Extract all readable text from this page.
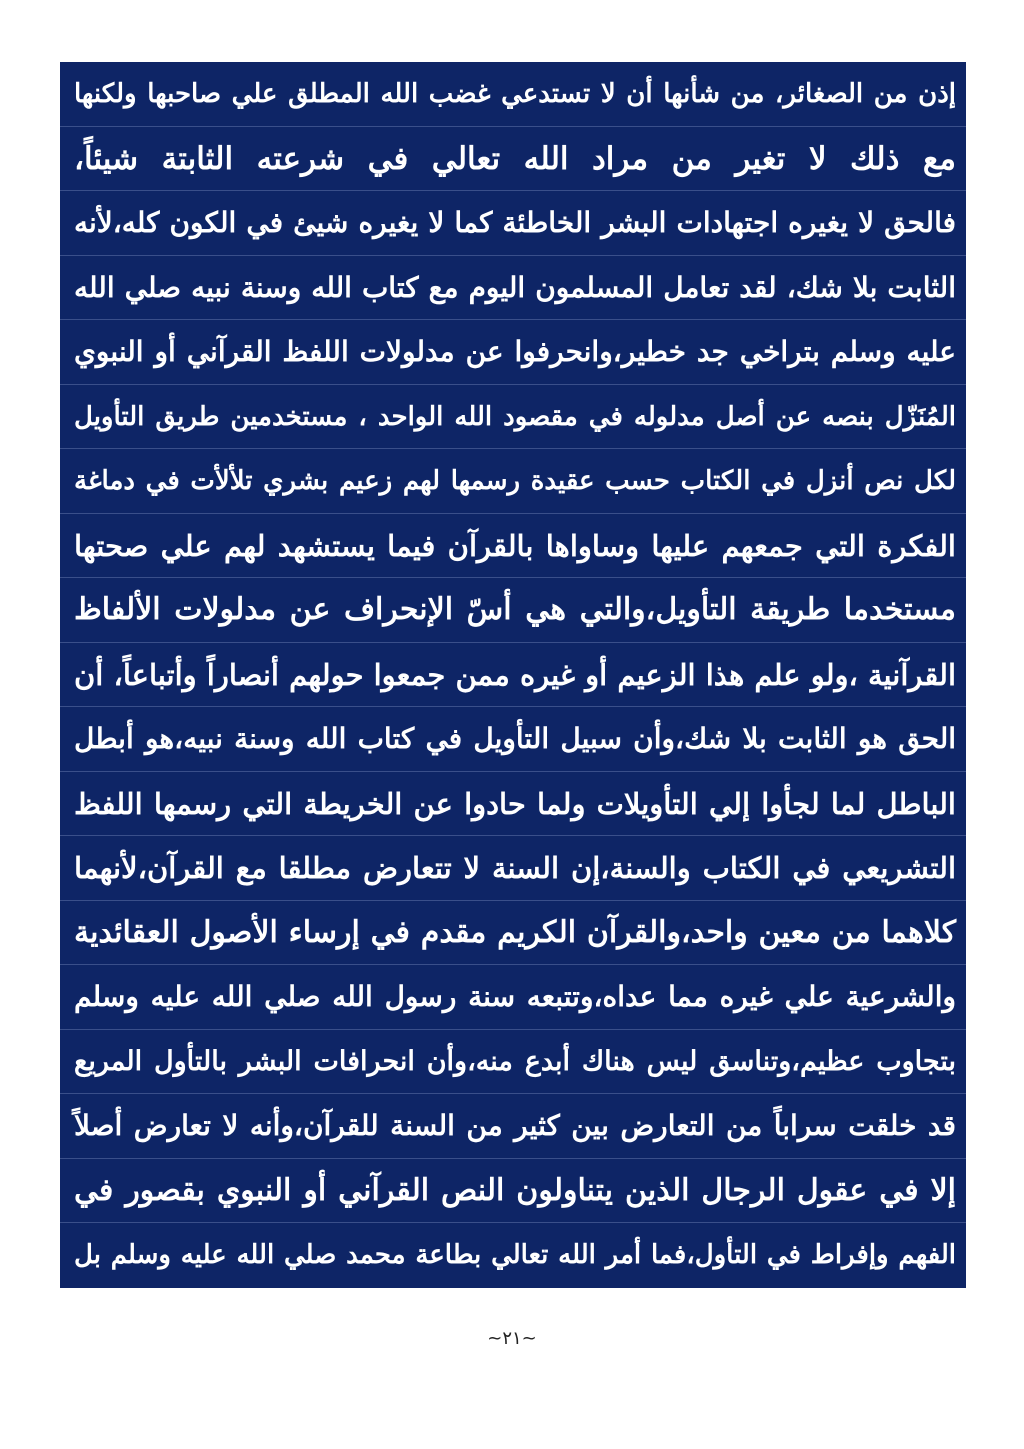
إذن من الصغائر، من شأنها أن لا تستدعي غضب الله المطلق علي صاحبها ولكنها
مع ذلك لا تغير من مراد الله تعالي في شرعته الثابتة شيئاً،
فالحق لا يغيره اجتهادات البشر الخاطئة كما لا يغيره شيئ في الكون كله،لأنه
الثابت بلا شك، لقد تعامل المسلمون اليوم مع كتاب الله وسنة نبيه صلي الله
عليه وسلم بتراخي جد خطير،وانحرفوا عن مدلولات اللفظ القرآني أو النبوي
المُنَزّل بنصه عن أصل مدلوله في مقصود الله الواحد ، مستخدمين طريق التأويل
لكل نص أنزل في الكتاب حسب عقيدة رسمها لهم زعيم بشري تلألأت في دماغة
الفكرة التي جمعهم عليها وساواها بالقرآن فيما يستشهد لهم علي صحتها
مستخدما طريقة التأويل،والتي هي أسّ الإنحراف عن مدلولات الألفاظ
القرآنية ،ولو علم هذا الزعيم أو غيره ممن جمعوا حولهم أنصاراً وأتباعاً، أن
الحق هو الثابت بلا شك،وأن سبيل التأويل في كتاب الله وسنة نبيه،هو أبطل
الباطل لما لجأوا إلي التأويلات ولما حادوا عن الخريطة التي رسمها اللفظ
التشريعي في الكتاب والسنة،إن السنة لا تتعارض مطلقا مع القرآن،لأنهما
كلاهما من معين واحد،والقرآن الكريم مقدم في إرساء الأصول العقائدية
والشرعية علي غيره مما عداه،وتتبعه سنة رسول الله صلي الله عليه وسلم
بتجاوب عظيم،وتناسق ليس هناك أبدع منه،وأن انحرافات البشر بالتأول المريع
قد خلقت سراباً من التعارض بين كثير من السنة للقرآن،وأنه لا تعارض أصلاً
إلا في عقول الرجال الذين يتناولون النص القرآني أو النبوي بقصور في
الفهم وإفراط في التأول،فما أمر الله تعالي بطاعة محمد صلي الله عليه وسلم بل
~٢١~
